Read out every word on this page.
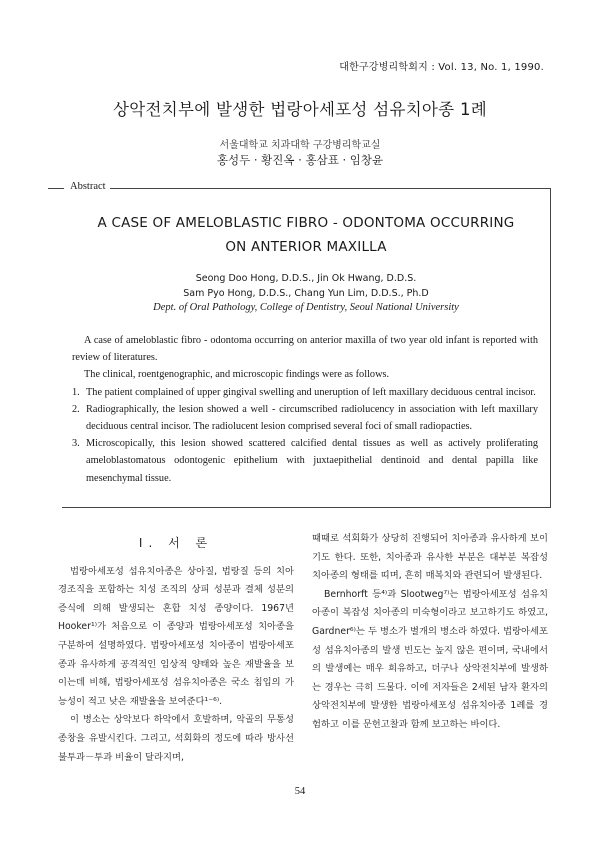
대한구강병리학회지 : Vol. 13, No. 1, 1990.
상악전치부에 발생한 법랑아세포성 섬유치아종 1례
서울대학교 치과대학 구강병리학교실
홍성두 · 황진옥 · 홍삼표 · 임창윤
Abstract
A CASE OF AMELOBLASTIC FIBRO - ODONTOMA OCCURRING
ON ANTERIOR MAXILLA
Seong Doo Hong, D.D.S., Jin Ok Hwang, D.D.S.
Sam Pyo Hong, D.D.S., Chang Yun Lim, D.D.S., Ph.D
Dept. of Oral Pathology, College of Dentistry, Seoul National University

A case of ameloblastic fibro - odontoma occurring on anterior maxilla of two year old infant is reported with review of literatures.

The clinical, roentgenographic, and microscopic findings were as follows.

1. The patient complained of upper gingival swelling and uneruption of left maxillary deciduous central incisor.
2. Radiographically, the lesion showed a well - circumscribed radiolucency in association with left maxillary deciduous central incisor. The radiolucent lesion comprised several foci of small radiopacties.
3. Microscopically, this lesion showed scattered calcified dental tissues as well as actively proliferating ameloblastomatous odontogenic epithelium with juxtaepithelial dentinoid and dental papilla like mesenchymal tissue.
Ⅰ. 서 론

법랑아세포성 섬유치아종은 상아질, 법랑질 등의 치아 경조직을 포함하는 치성 조직의 상피 성분과 결체 성분의 증식에 의해 발생되는 혼합 치성 종양이다. 1967년 Hooker¹⁾가 처음으로 이 종양과 법랑아세포성 치아종을 구분하여 설명하였다. 법랑아세포성 치아종이 법랑아세포종과 유사하게 공격적인 임상적 양태와 높은 재발율을 보이는데 비해, 법랑아세포성 섬유치아종은 국소 침입의 가능성이 적고 낮은 재발율을 보여준다¹⁻⁶⁾.

이 병소는 상악보다 하악에서 호발하며, 악골의 무통성 종창을 유발시킨다. 그리고, 석회화의 정도에 따라 방사선 불투과－투과 비율이 달라지며,

때때로 석회화가 상당히 진행되어 치아종과 유사하게 보이기도 한다. 또한, 치아종과 유사한 부분은 대부분 복잡성 치아종의 형태를 띠며, 흔히 매복치와 관련되어 발생된다.

Bernhorft 등⁴⁾과 Slootweg⁷⁾는 법랑아세포성 섬유치아종이 복잡성 치아종의 미숙형이라고 보고하기도 하였고, Gardner⁶⁾는 두 병소가 별개의 병소라 하였다. 법랑아세포성 섬유치아종의 발생 빈도는 높지 않은 편이며, 국내에서의 발생예는 매우 희유하고, 더구나 상악전치부에 발생하는 경우는 극히 드물다. 이에 저자들은 2세된 남자 환자의 상악전치부에 발생한 법랑아세포성 섬유치아종 1례를 경험하고 이를 문헌고찰과 함께 보고하는 바이다.

54
